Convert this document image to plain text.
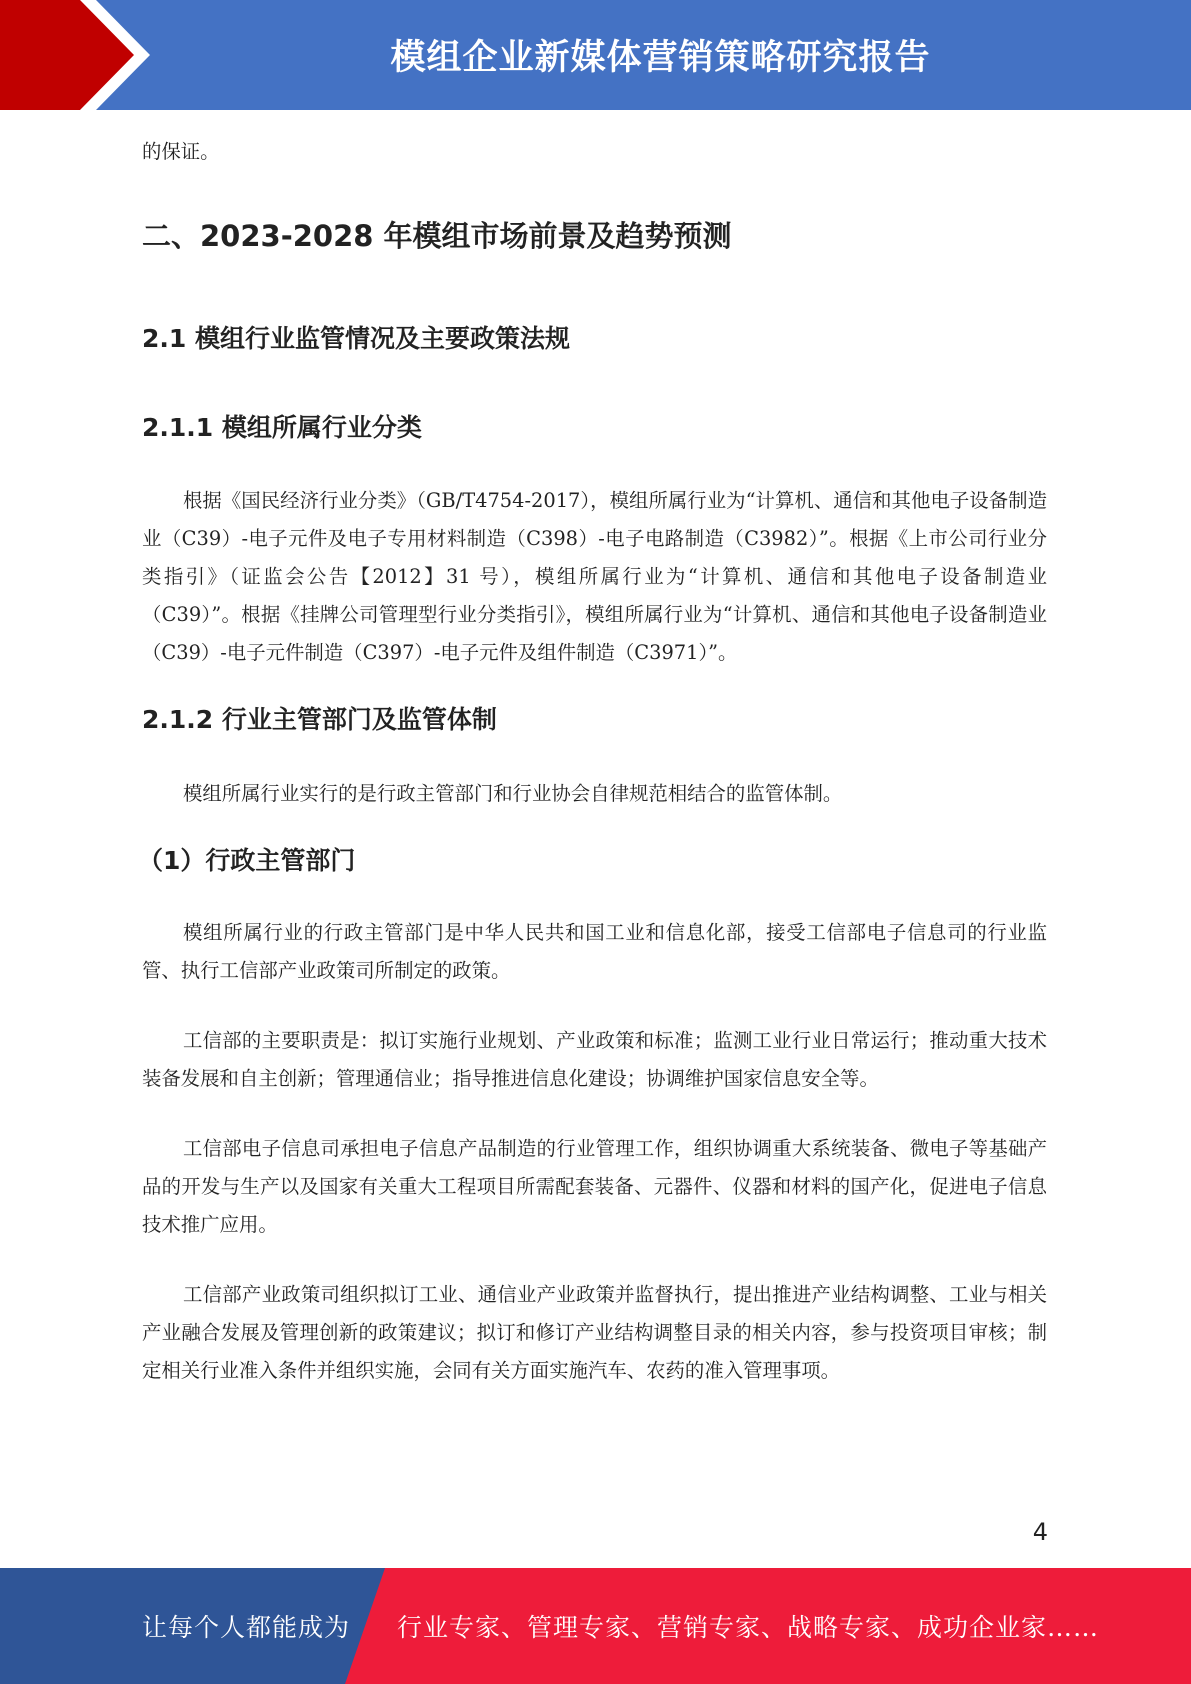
模组企业新媒体营销策略研究报告

的保证。

二、2023-2028 年模组市场前景及趋势预测
2.1 模组行业监管情况及主要政策法规
2.1.1 模组所属行业分类

根据《国民经济行业分类》（GB/T4754-2017），模组所属行业为“计算机、通信和其他电子设备制造业（C39）-电子元件及电子专用材料制造（C398）-电子电路制造（C3982）”。根据《上市公司行业分类指引》（证监会公告【2012】31 号），模组所属行业为“计算机、通信和其他电子设备制造业（C39）”。根据《挂牌公司管理型行业分类指引》，模组所属行业为“计算机、通信和其他电子设备制造业（C39）-电子元件制造（C397）-电子元件及组件制造（C3971）”。

2.1.2 行业主管部门及监管体制

模组所属行业实行的是行政主管部门和行业协会自律规范相结合的监管体制。

（1）行政主管部门

模组所属行业的行政主管部门是中华人民共和国工业和信息化部，接受工信部电子信息司的行业监管、执行工信部产业政策司所制定的政策。

工信部的主要职责是：拟订实施行业规划、产业政策和标准；监测工业行业日常运行；推动重大技术装备发展和自主创新；管理通信业；指导推进信息化建设；协调维护国家信息安全等。

工信部电子信息司承担电子信息产品制造的行业管理工作，组织协调重大系统装备、微电子等基础产品的开发与生产以及国家有关重大工程项目所需配套装备、元器件、仪器和材料的国产化，促进电子信息技术推广应用。

工信部产业政策司组织拟订工业、通信业产业政策并监督执行，提出推进产业结构调整、工业与相关产业融合发展及管理创新的政策建议；拟订和修订产业结构调整目录的相关内容，参与投资项目审核；制定相关行业准入条件并组织实施，会同有关方面实施汽车、农药的准入管理事项。

4
让每个人都能成为 行业专家、管理专家、营销专家、战略专家、成功企业家……
